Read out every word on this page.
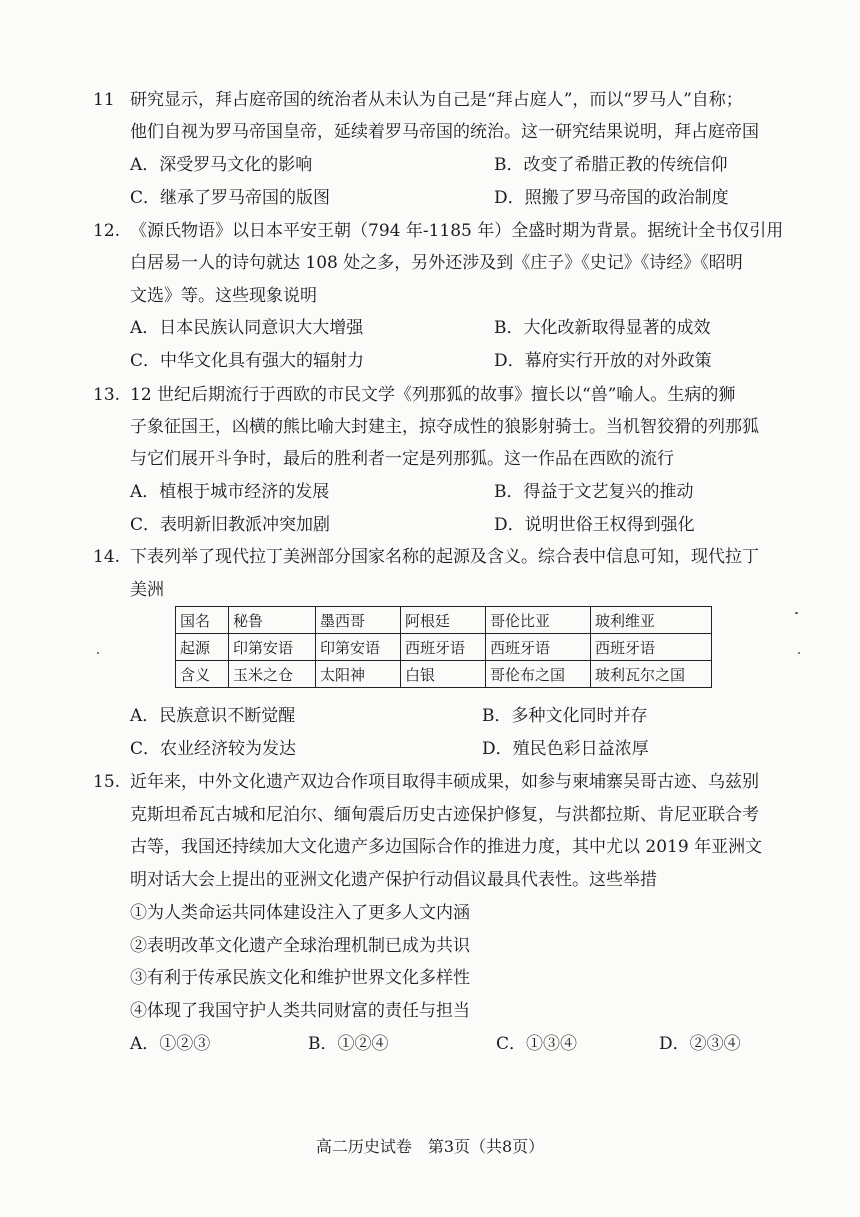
11 研究显示，拜占庭帝国的统治者从未认为自己是“拜占庭人”，而以“罗马人”自称；
他们自视为罗马帝国皇帝，延续着罗马帝国的统治。这一研究结果说明，拜占庭帝国
A．深受罗马文化的影响	B．改变了希腊正教的传统信仰
C．继承了罗马帝国的版图	D．照搬了罗马帝国的政治制度
12. 《源氏物语》以日本平安王朝（794 年-1185 年）全盛时期为背景。据统计全书仅引用
白居易一人的诗句就达 108 处之多，另外还涉及到《庄子》《史记》《诗经》《昭明
文选》等。这些现象说明
A．日本民族认同意识大大增强	B．大化改新取得显著的成效
C．中华文化具有强大的辐射力	D．幕府实行开放的对外政策
13. 12 世纪后期流行于西欧的市民文学《列那狐的故事》擅长以“兽”喻人。生病的狮
子象征国王，凶横的熊比喻大封建主，掠夺成性的狼影射骑士。当机智狡猾的列那狐
与它们展开斗争时，最后的胜利者一定是列那狐。这一作品在西欧的流行
A．植根于城市经济的发展	B．得益于文艺复兴的推动
C．表明新旧教派冲突加剧	D．说明世俗王权得到强化
14. 下表列举了现代拉丁美洲部分国家名称的起源及含义。综合表中信息可知，现代拉丁
美洲
国名	秘鲁	墨西哥	阿根廷	哥伦比亚	玻利维亚
起源	印第安语	印第安语	西班牙语	西班牙语	西班牙语
含义	玉米之仓	太阳神	白银	哥伦布之国	玻利瓦尔之国
A．民族意识不断觉醒	B．多种文化同时并存
C．农业经济较为发达	D．殖民色彩日益浓厚
15. 近年来，中外文化遗产双边合作项目取得丰硕成果，如参与柬埔寨吴哥古迹、乌兹别
克斯坦希瓦古城和尼泊尔、缅甸震后历史古迹保护修复，与洪都拉斯、肯尼亚联合考
古等，我国还持续加大文化遗产多边国际合作的推进力度，其中尤以 2019 年亚洲文
明对话大会上提出的亚洲文化遗产保护行动倡议最具代表性。这些举措
①为人类命运共同体建设注入了更多人文内涵
②表明改革文化遗产全球治理机制已成为共识
③有利于传承民族文化和维护世界文化多样性
④体现了我国守护人类共同财富的责任与担当
A．①②③	B．①②④	C．①③④	D．②③④
高二历史试卷　第3页（共8页）
